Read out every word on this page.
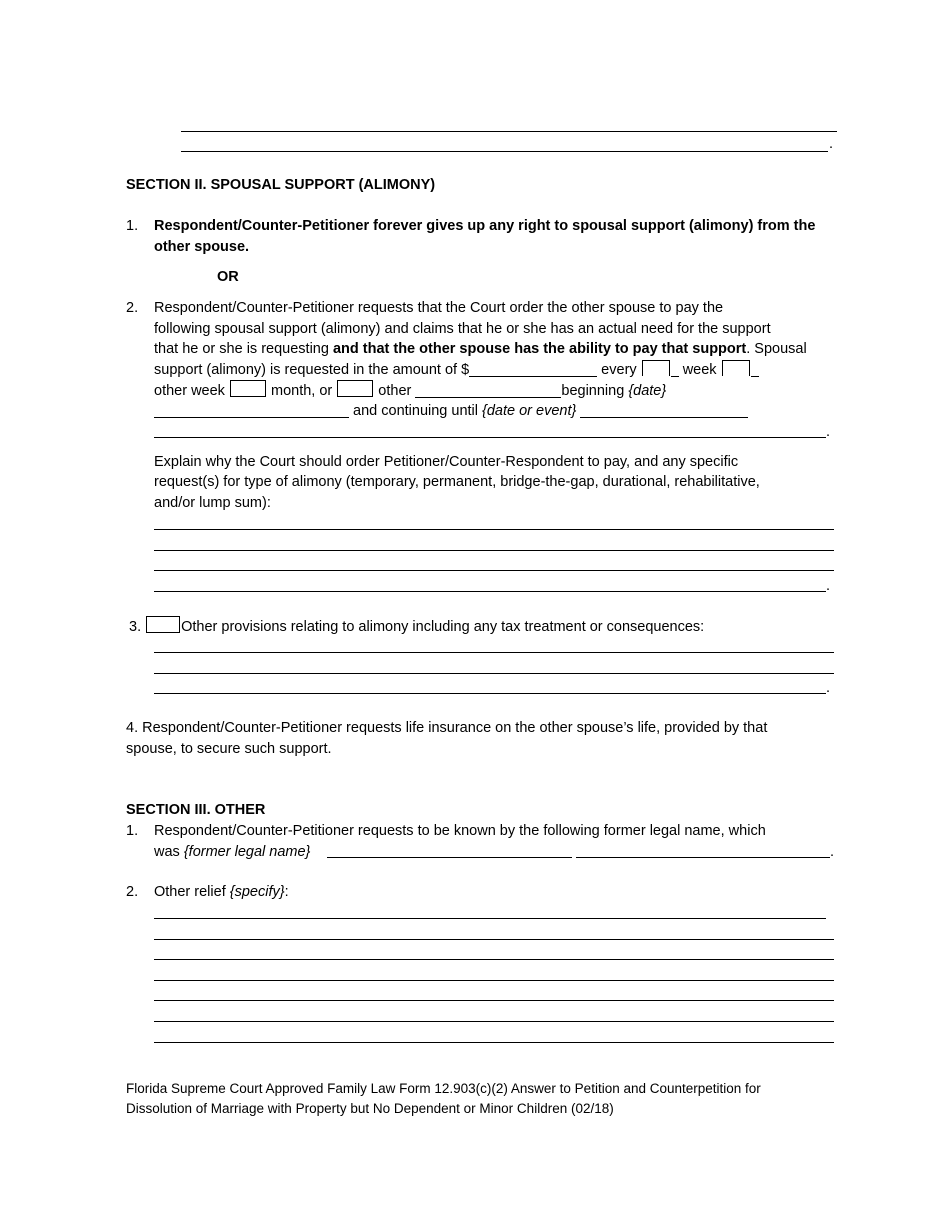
.
SECTION II. SPOUSAL SUPPORT (ALIMONY)
1. Respondent/Counter-Petitioner forever gives up any right to spousal support (alimony) from the
other spouse.
OR
2. Respondent/Counter-Petitioner requests that the Court order the other spouse to pay the
following spousal support (alimony) and claims that he or she has an actual need for the support
that he or she is requesting and that the other spouse has the ability to pay that support. Spousal
support (alimony) is requested in the amount of $	every	week
other week	month, or	other	beginning {date}
and continuing until {date or event}
.
Explain why the Court should order Petitioner/Counter-Respondent to pay, and any specific
request(s) for type of alimony (temporary, permanent, bridge-the-gap, durational, rehabilitative,
and/or lump sum):
.
3.	Other provisions relating to alimony including any tax treatment or consequences:
.
4. Respondent/Counter-Petitioner requests life insurance on the other spouse’s life, provided by that
spouse, to secure such support.
SECTION III. OTHER
1. Respondent/Counter-Petitioner requests to be known by the following former legal name, which
was {former legal name}	.
2. Other relief {specify}:
Florida Supreme Court Approved Family Law Form 12.903(c)(2) Answer to Petition and Counterpetition for
Dissolution of Marriage with Property but No Dependent or Minor Children (02/18)
